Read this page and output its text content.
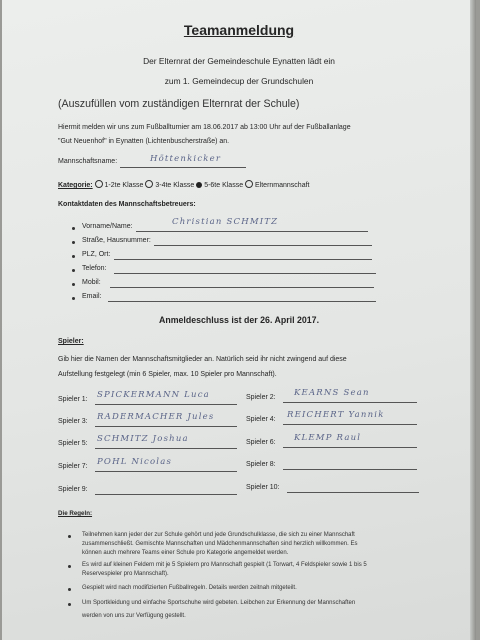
Teamanmeldung
Der Elternrat der Gemeindeschule Eynatten lädt ein
zum 1. Gemeindecup der Grundschulen
(Auszufüllen vom zuständigen Elternrat der Schule)
Hiermit melden wir uns zum Fußballturnier am 18.06.2017 ab 13:00 Uhr auf der Fußballanlage
"Gut Neuenhof" in Eynatten (Lichtenbuscherstraße) an.
Mannschaftsname:	Höttenkicker
Kategorie: 1-2te Klasse 3-4te Klasse 5-6te Klasse Elternmannschaft
Kontaktdaten des Mannschaftsbetreuers:
Vorname/Name:	Christian SCHMITZ
Straße, Hausnummer:
PLZ, Ort:
Telefon:
Mobil:
Email:
Anmeldeschluss ist der 26. April 2017.
Spieler:
Gib hier die Namen der Mannschaftsmitglieder an. Natürlich seid ihr nicht zwingend auf diese
Aufstellung festgelegt (min 6 Spieler, max. 10 Spieler pro Mannschaft).
Spieler 1: SPICKERMANN Luca
Spieler 3: RADERMACHER Jules
Spieler 5: SCHMITZ Joshua
Spieler 7: POHL Nicolas
Spieler 9:
Spieler 2: KEARNS Sean
Spieler 4: REICHERT Yannik
Spieler 6: KLEMP Raul
Spieler 8:
Spieler 10:
Die Regeln:
Teilnehmen kann jeder der zur Schule gehört und jede Grundschulklasse, die sich zu einer Mannschaft
zusammenschließt. Gemischte Mannschaften und Mädchenmannschaften sind herzlich willkommen. Es
können auch mehrere Teams einer Schule pro Kategorie angemeldet werden.
Es wird auf kleinen Feldern mit je 5 Spielern pro Mannschaft gespielt (1 Torwart, 4 Feldspieler sowie 1 bis 5
Reservespieler pro Mannschaft).
Gespielt wird nach modifizierten Fußballregeln. Details werden zeitnah mitgeteilt.
Um Sportkleidung und einfache Sportschuhe wird gebeten. Leibchen zur Erkennung der Mannschaften
werden von uns zur Verfügung gestellt.
